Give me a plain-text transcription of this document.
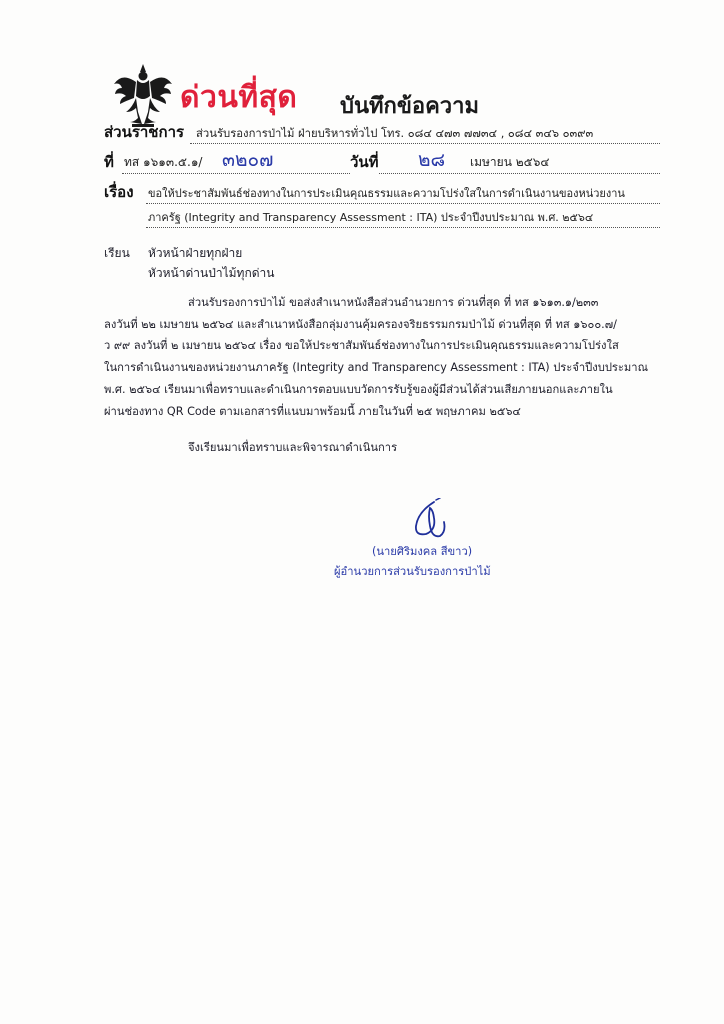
ด่วนที่สุด บันทึกข้อความ
ส่วนราชการ ส่วนรับรองการป่าไม้ ฝ่ายบริหารทั่วไป โทร. ๐๘๔ ๔๗๓ ๗๗๓๔ , ๐๘๔ ๓๔๖ ๐๓๙๓
ที่ ทส ๑๖๑๓.๕.๑/ ๓๒๐๗	วันที่ ๒๘ เมษายน ๒๕๖๔
เรื่อง ขอให้ประชาสัมพันธ์ช่องทางในการประเมินคุณธรรมและความโปร่งใสในการดำเนินงานของหน่วยงาน
ภาครัฐ (Integrity and Transparency Assessment : ITA) ประจำปีงบประมาณ พ.ศ. ๒๕๖๔
เรียน หัวหน้าฝ่ายทุกฝ่าย
หัวหน้าด่านป่าไม้ทุกด่าน
ส่วนรับรองการป่าไม้ ขอส่งสำเนาหนังสือส่วนอำนวยการ ด่วนที่สุด ที่ ทส ๑๖๑๓.๑/๒๓๓
ลงวันที่ ๒๒ เมษายน ๒๕๖๔ และสำเนาหนังสือกลุ่มงานคุ้มครองจริยธรรมกรมป่าไม้ ด่วนที่สุด ที่ ทส ๑๖๐๐.๗/
ว ๙๙ ลงวันที่ ๒ เมษายน ๒๕๖๔ เรื่อง ขอให้ประชาสัมพันธ์ช่องทางในการประเมินคุณธรรมและความโปร่งใส
ในการดำเนินงานของหน่วยงานภาครัฐ (Integrity and Transparency Assessment : ITA) ประจำปีงบประมาณ
พ.ศ. ๒๕๖๔ เรียนมาเพื่อทราบและดำเนินการตอบแบบวัดการรับรู้ของผู้มีส่วนได้ส่วนเสียภายนอกและภายใน
ผ่านช่องทาง QR Code ตามเอกสารที่แนบมาพร้อมนี้ ภายในวันที่ ๒๕ พฤษภาคม ๒๕๖๔
จึงเรียนมาเพื่อทราบและพิจารณาดำเนินการ
(นายศิริมงคล สีขาว)
ผู้อำนวยการส่วนรับรองการป่าไม้
